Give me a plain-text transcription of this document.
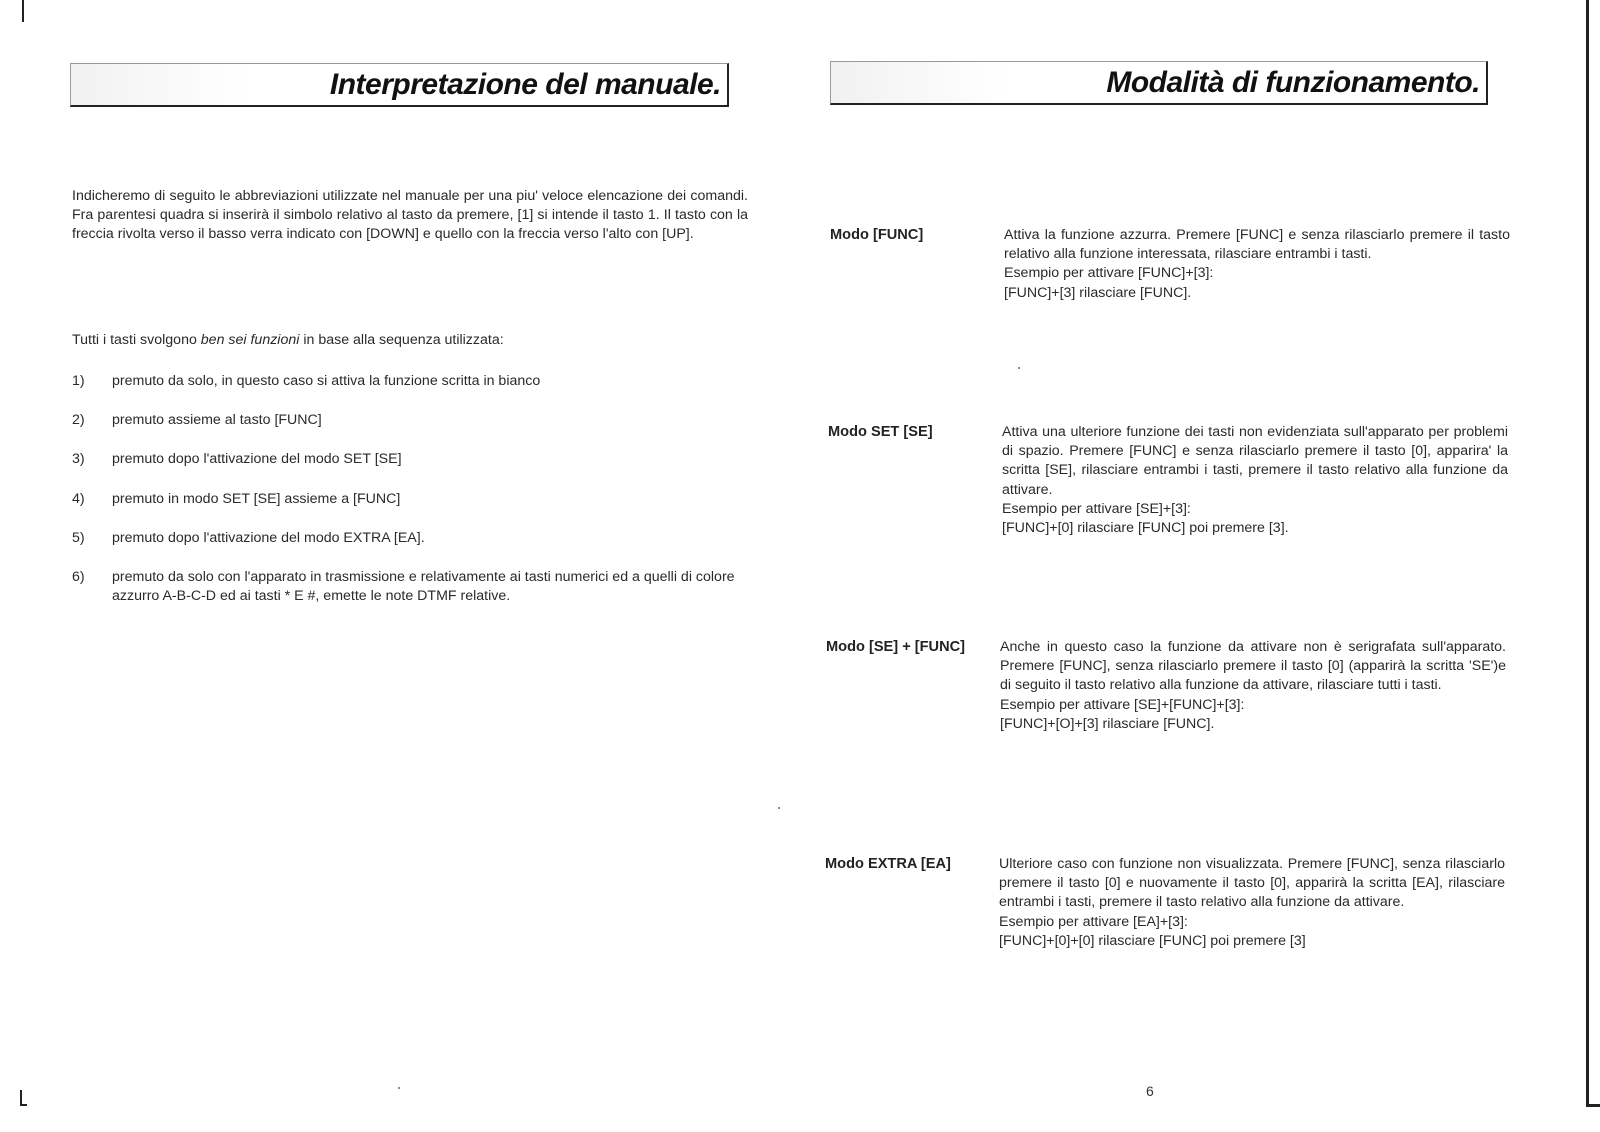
Interpretazione del manuale.

Indicheremo di seguito le abbreviazioni utilizzate nel manuale per una piu' veloce elencazione dei comandi. Fra parentesi quadra si inserirà il simbolo relativo al tasto da premere, [1] si intende il tasto 1. Il tasto con la freccia rivolta verso il basso verra indicato con [DOWN] e quello con la freccia verso l'alto con [UP].

Tutti i tasti svolgono ben sei funzioni in base alla sequenza utilizzata:

1)	premuto da solo, in questo caso si attiva la funzione scritta in bianco
2)	premuto assieme al tasto [FUNC]
3)	premuto dopo l'attivazione del modo SET [SE]
4)	premuto in modo SET [SE] assieme a [FUNC]
5)	premuto dopo l'attivazione del modo EXTRA [EA].
6)	premuto da solo con l'apparato in trasmissione e relativamente ai tasti numerici ed a quelli di colore azzurro A-B-C-D ed ai tasti * E #, emette le note DTMF relative.
Modalità di funzionamento.
Modo [FUNC]	Attiva la funzione azzurra. Premere [FUNC] e senza rilasciarlo premere il tasto relativo alla funzione interessata, rilasciare entrambi i tasti.

Esempio per attivare [FUNC]+[3]:

[FUNC]+[3] rilasciare [FUNC].

Modo SET [SE]	Attiva una ulteriore funzione dei tasti non evidenziata sull'apparato per problemi di spazio. Premere [FUNC] e senza rilasciarlo premere il tasto [0], apparira' la scritta [SE], rilasciare entrambi i tasti, premere il tasto relativo alla funzione da attivare.

Esempio per attivare [SE]+[3]:

[FUNC]+[0] rilasciare [FUNC] poi premere [3].

Modo [SE] + [FUNC]	Anche in questo caso la funzione da attivare non è serigrafata sull'apparato. Premere [FUNC], senza rilasciarlo premere il tasto [0] (apparirà la scritta 'SE')e di seguito il tasto relativo alla funzione da attivare, rilasciare tutti i tasti.

Esempio per attivare [SE]+[FUNC]+[3]:

[FUNC]+[O]+[3] rilasciare [FUNC].

Modo EXTRA [EA]	Ulteriore caso con funzione non visualizzata. Premere [FUNC], senza rilasciarlo premere il tasto [0] e nuovamente il tasto [0], apparirà la scritta [EA], rilasciare entrambi i tasti, premere il tasto relativo alla funzione da attivare.

Esempio per attivare [EA]+[3]:

[FUNC]+[0]+[0] rilasciare [FUNC] poi premere [3]

6
